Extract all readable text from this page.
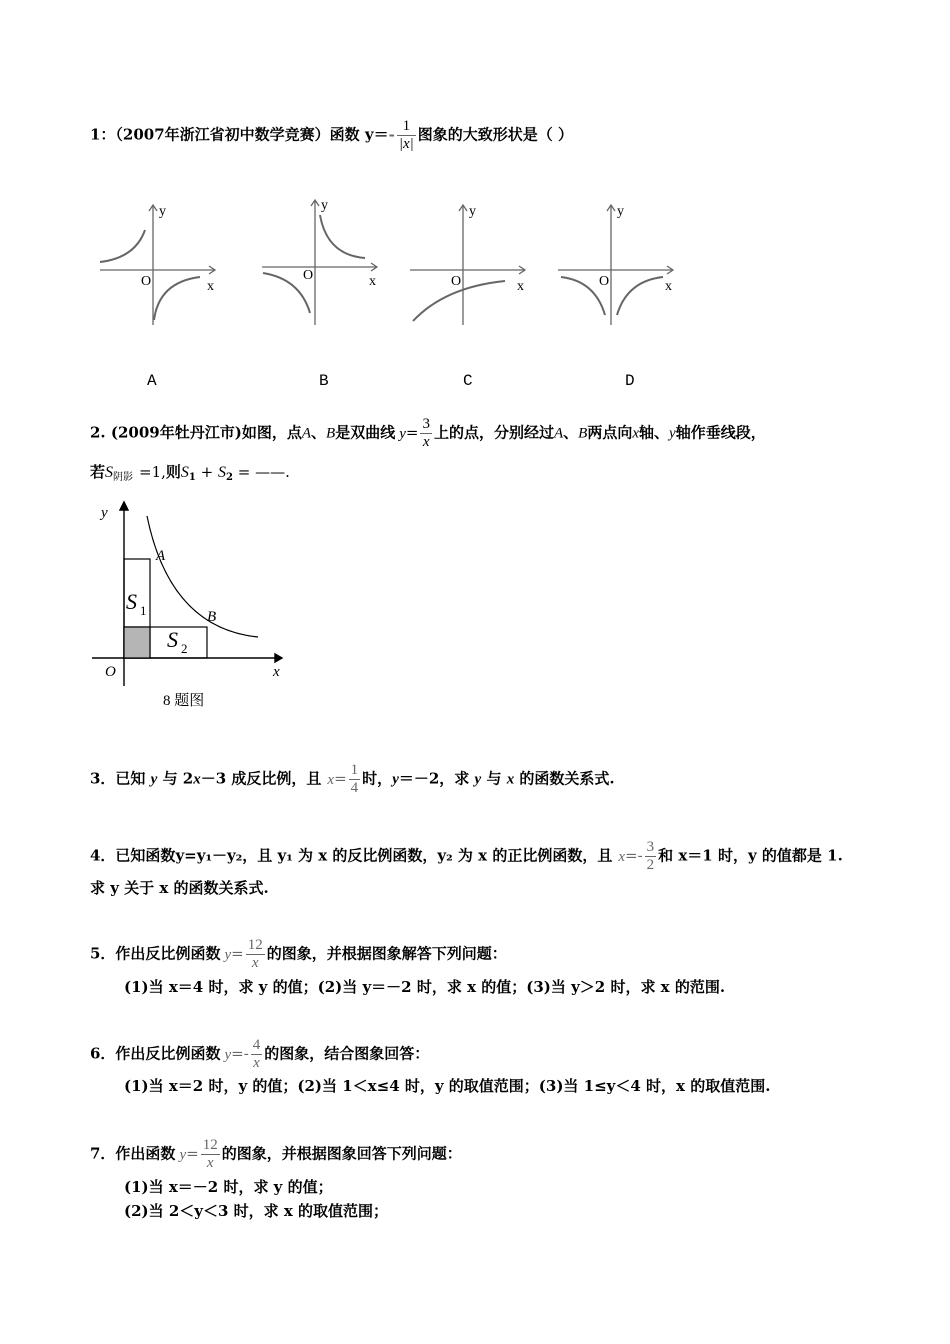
1：（2007年浙江省初中数学竞赛）函数 $y=- \frac{1}{|x|}$ 图象的大致形状是（ ）
y
O	x
y
O	x
y
O	x
y
O	x
A	B	C	D
2. (2009年牡丹江市)如图，点A、B是双曲线 $y= \frac{3}{x}$ 上的点，分别经过A、B两点向x轴、y轴作垂线段，
若$S_{阴影} =1$,则$S_1 + S_2$ = ——.
y
x
O
A
B
S 1
S 2
8 题图
3．已知 y 与 2x－3 成反比例，且 $x= \frac{1}{4}$ 时，y＝－2，求 y 与 x 的函数关系式.
4．已知函数y=y₁－y₂，且 y₁ 为 x 的反比例函数，y₂ 为 x 的正比例函数，且 $x=- \frac{3}{2}$ 和 x＝1 时，y 的值都是 1.
求 y 关于 x 的函数关系式.
5．作出反比例函数 $y= \frac{12}{x}$ 的图象，并根据图象解答下列问题：
(1)当 x＝4 时，求 y 的值；(2)当 y＝－2 时，求 x 的值；(3)当 y＞2 时，求 x 的范围.
6．作出反比例函数 $y=- \frac{4}{x}$ 的图象，结合图象回答：
(1)当 x＝2 时，y 的值；(2)当 1＜x≤4 时，y 的取值范围；(3)当 1≤y＜4 时，x 的取值范围.
7．作出函数 $y= \frac{12}{x}$ 的图象，并根据图象回答下列问题：
(1)当 x＝－2 时，求 y 的值；
(2)当 2＜y＜3 时，求 x 的取值范围；
